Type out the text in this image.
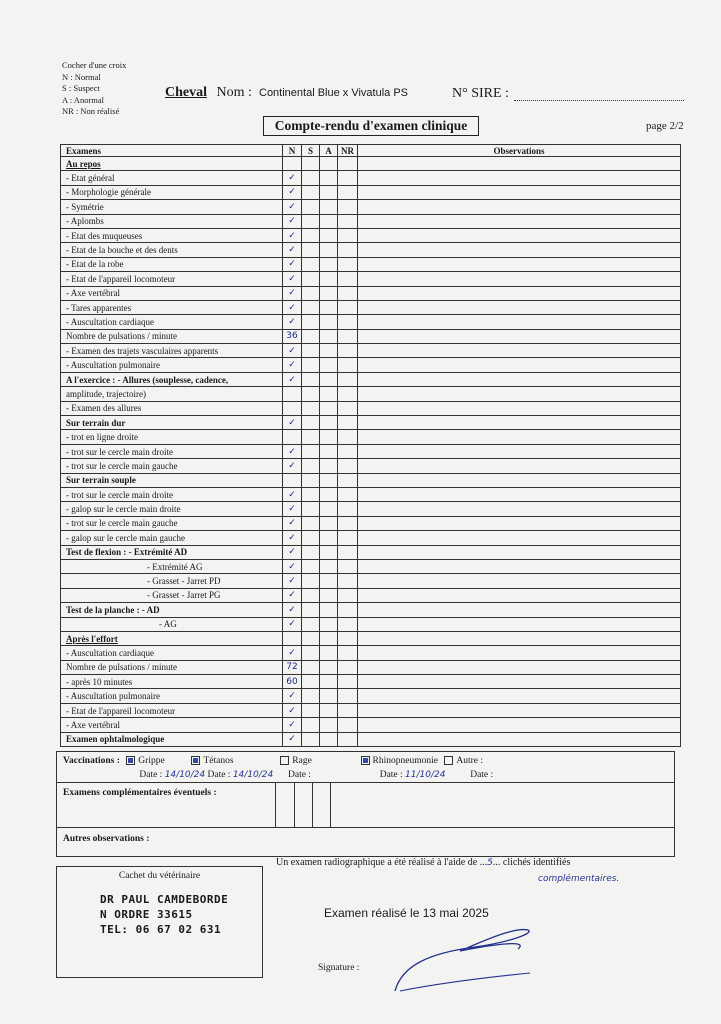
Cocher d'une croix
N : Normal
S : Suspect
A : Anormal
NR : Non réalisé
Cheval Nom : Continental Blue x Vivatula PS	N° SIRE :
Compte-rendu d'examen clinique	page 2/2
Examens	N	S	A	NR	Observations
Au repos					
- Etat général	✓				
- Morphologie générale	✓				
- Symétrie	✓				
- Aplombs	✓				
- Etat des muqueuses	✓				
- Etat de la bouche et des dents	✓				
- Etat de la robe	✓				
- Etat de l'appareil locomoteur	✓				
- Axe vertébral	✓				
- Tares apparentes	✓				
- Auscultation cardiaque	✓				
Nombre de pulsations / minute	36				
- Examen des trajets vasculaires apparents	✓				
- Auscultation pulmonaire	✓				
A l'exercice : - Allures (souplesse, cadence,	✓				
amplitude, trajectoire)					
- Examen des allures					
Sur terrain dur	✓				
- trot en ligne droite					
- trot sur le cercle main droite	✓				
- trot sur le cercle main gauche	✓				
Sur terrain souple					
- trot sur le cercle main droite	✓				
- galop sur le cercle main droite	✓				
- trot sur le cercle main gauche	✓				
- galop sur le cercle main gauche	✓				
Test de flexion : - Extrémité AD	✓				
- Extrémité AG	✓				
- Grasset - Jarret PD	✓				
- Grasset - Jarret PG	✓				
Test de la planche : - AD	✓				
- AG	✓				
Après l'effort					
- Auscultation cardiaque	✓				
Nombre de pulsations / minute	72				
- après 10 minutes	60				
- Auscultation pulmonaire	✓				
- Etat de l'appareil locomoteur	✓				
- Axe vertébral	✓				
Examen ophtalmologique	✓				
Vaccinations : Grippe	Tétanos	Rage	Rhinopneumonie Autre :
Date : 14/10/24 Date : 14/10/24 Date :	Date : 11/10/24	Date :
Examens complémentaires éventuels :
Autres observations :
Cachet du vétérinaire
DR PAUL CAMDEBORDE
N ORDRE 33615
TEL: 06 67 02 631
Un examen radiographique a été réalisé à l'aide de ...5... clichés identifiés
complémentaires.
Examen réalisé le 13 mai 2025
Signature :
